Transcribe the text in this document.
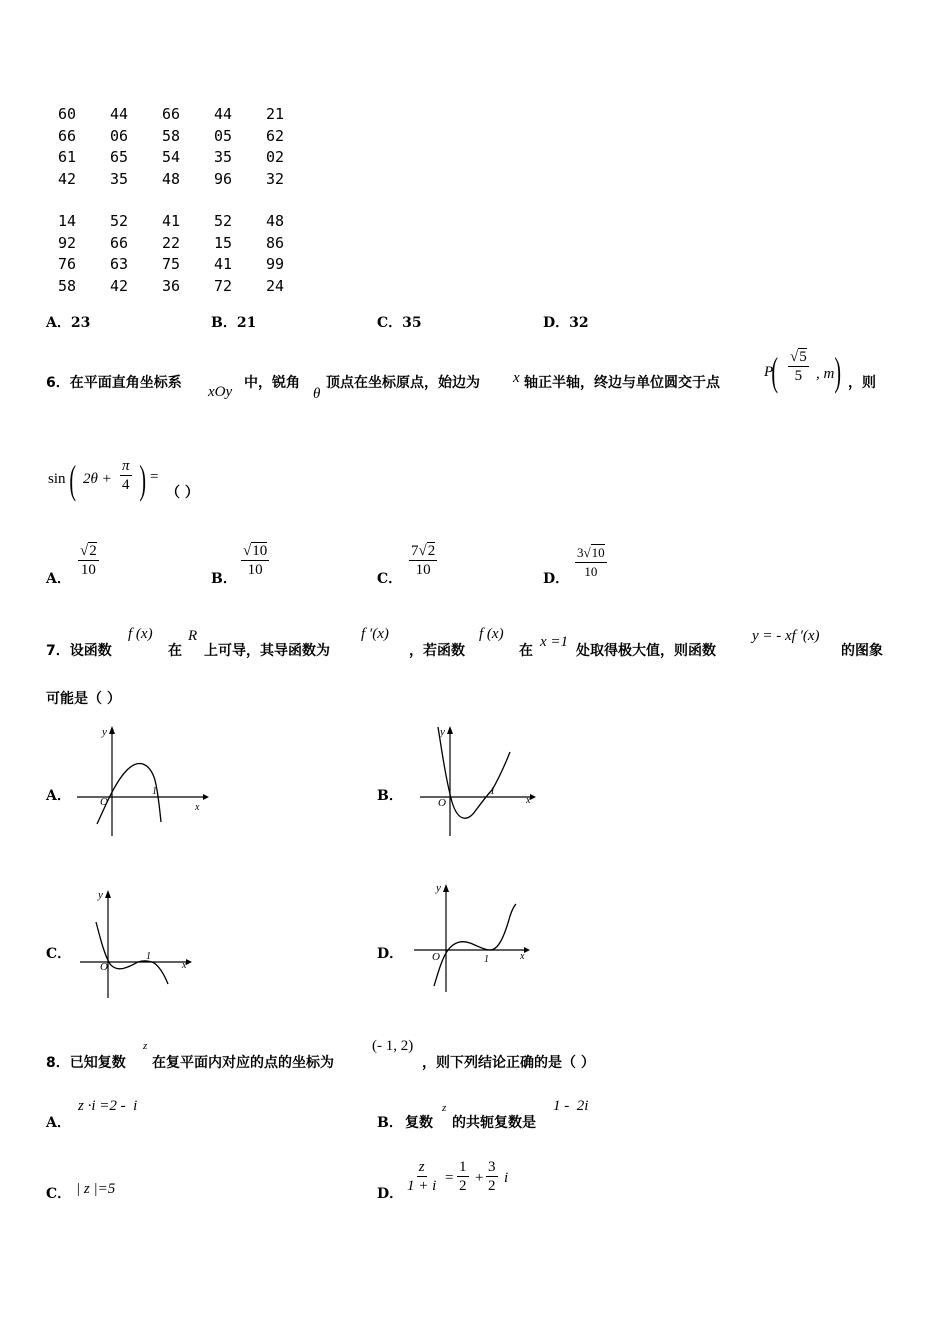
60	44	66	44	21
66	06	58	05	62
61	65	54	35	02
42	35	48	96	32
14	52	41	52	48
92	66	22	15	86
76	63	75	41	99
58	42	36	72	24
A．23	B．21	C．35	D．32
6．在平面直角坐标系
xOy
中，锐角
θ
顶点在坐标原点，始边为 x 轴正半轴，终边与单位圆交于点
P
( $\frac{√5}{5}$ , m ) ，则
sin ( $2\theta + \frac{\pi}{4}$ ) =
（ ）
A． $\frac{√2}{10}$	B． $\frac{√10}{10}$	C． $\frac{7√2}{10}$	D． $\frac{3√10}{10}$
7．设函数
f (x)
在
R
上可导，其导函数为
f ′(x)
，若函数
f (x)
在
x =1
处取得极大值，则函数
y = - xf ′(x)
的图象
可能是（ ）
A．
y
x
O
1	B．
y
x
O
1
C．
y
x
O
1	D．
y
x
O	1
8．已知复数
z
在复平面内对应的点的坐标为
(- 1, 2)
，则下列结论正确的是（ ）
A．
z ·i =2 -  i
B． 复数
z
的共轭复数是
1 -  2i
C． | z |=5	D． $\frac{z}{1 + i} = \frac{1}{2} + \frac{3}{2}$ i
